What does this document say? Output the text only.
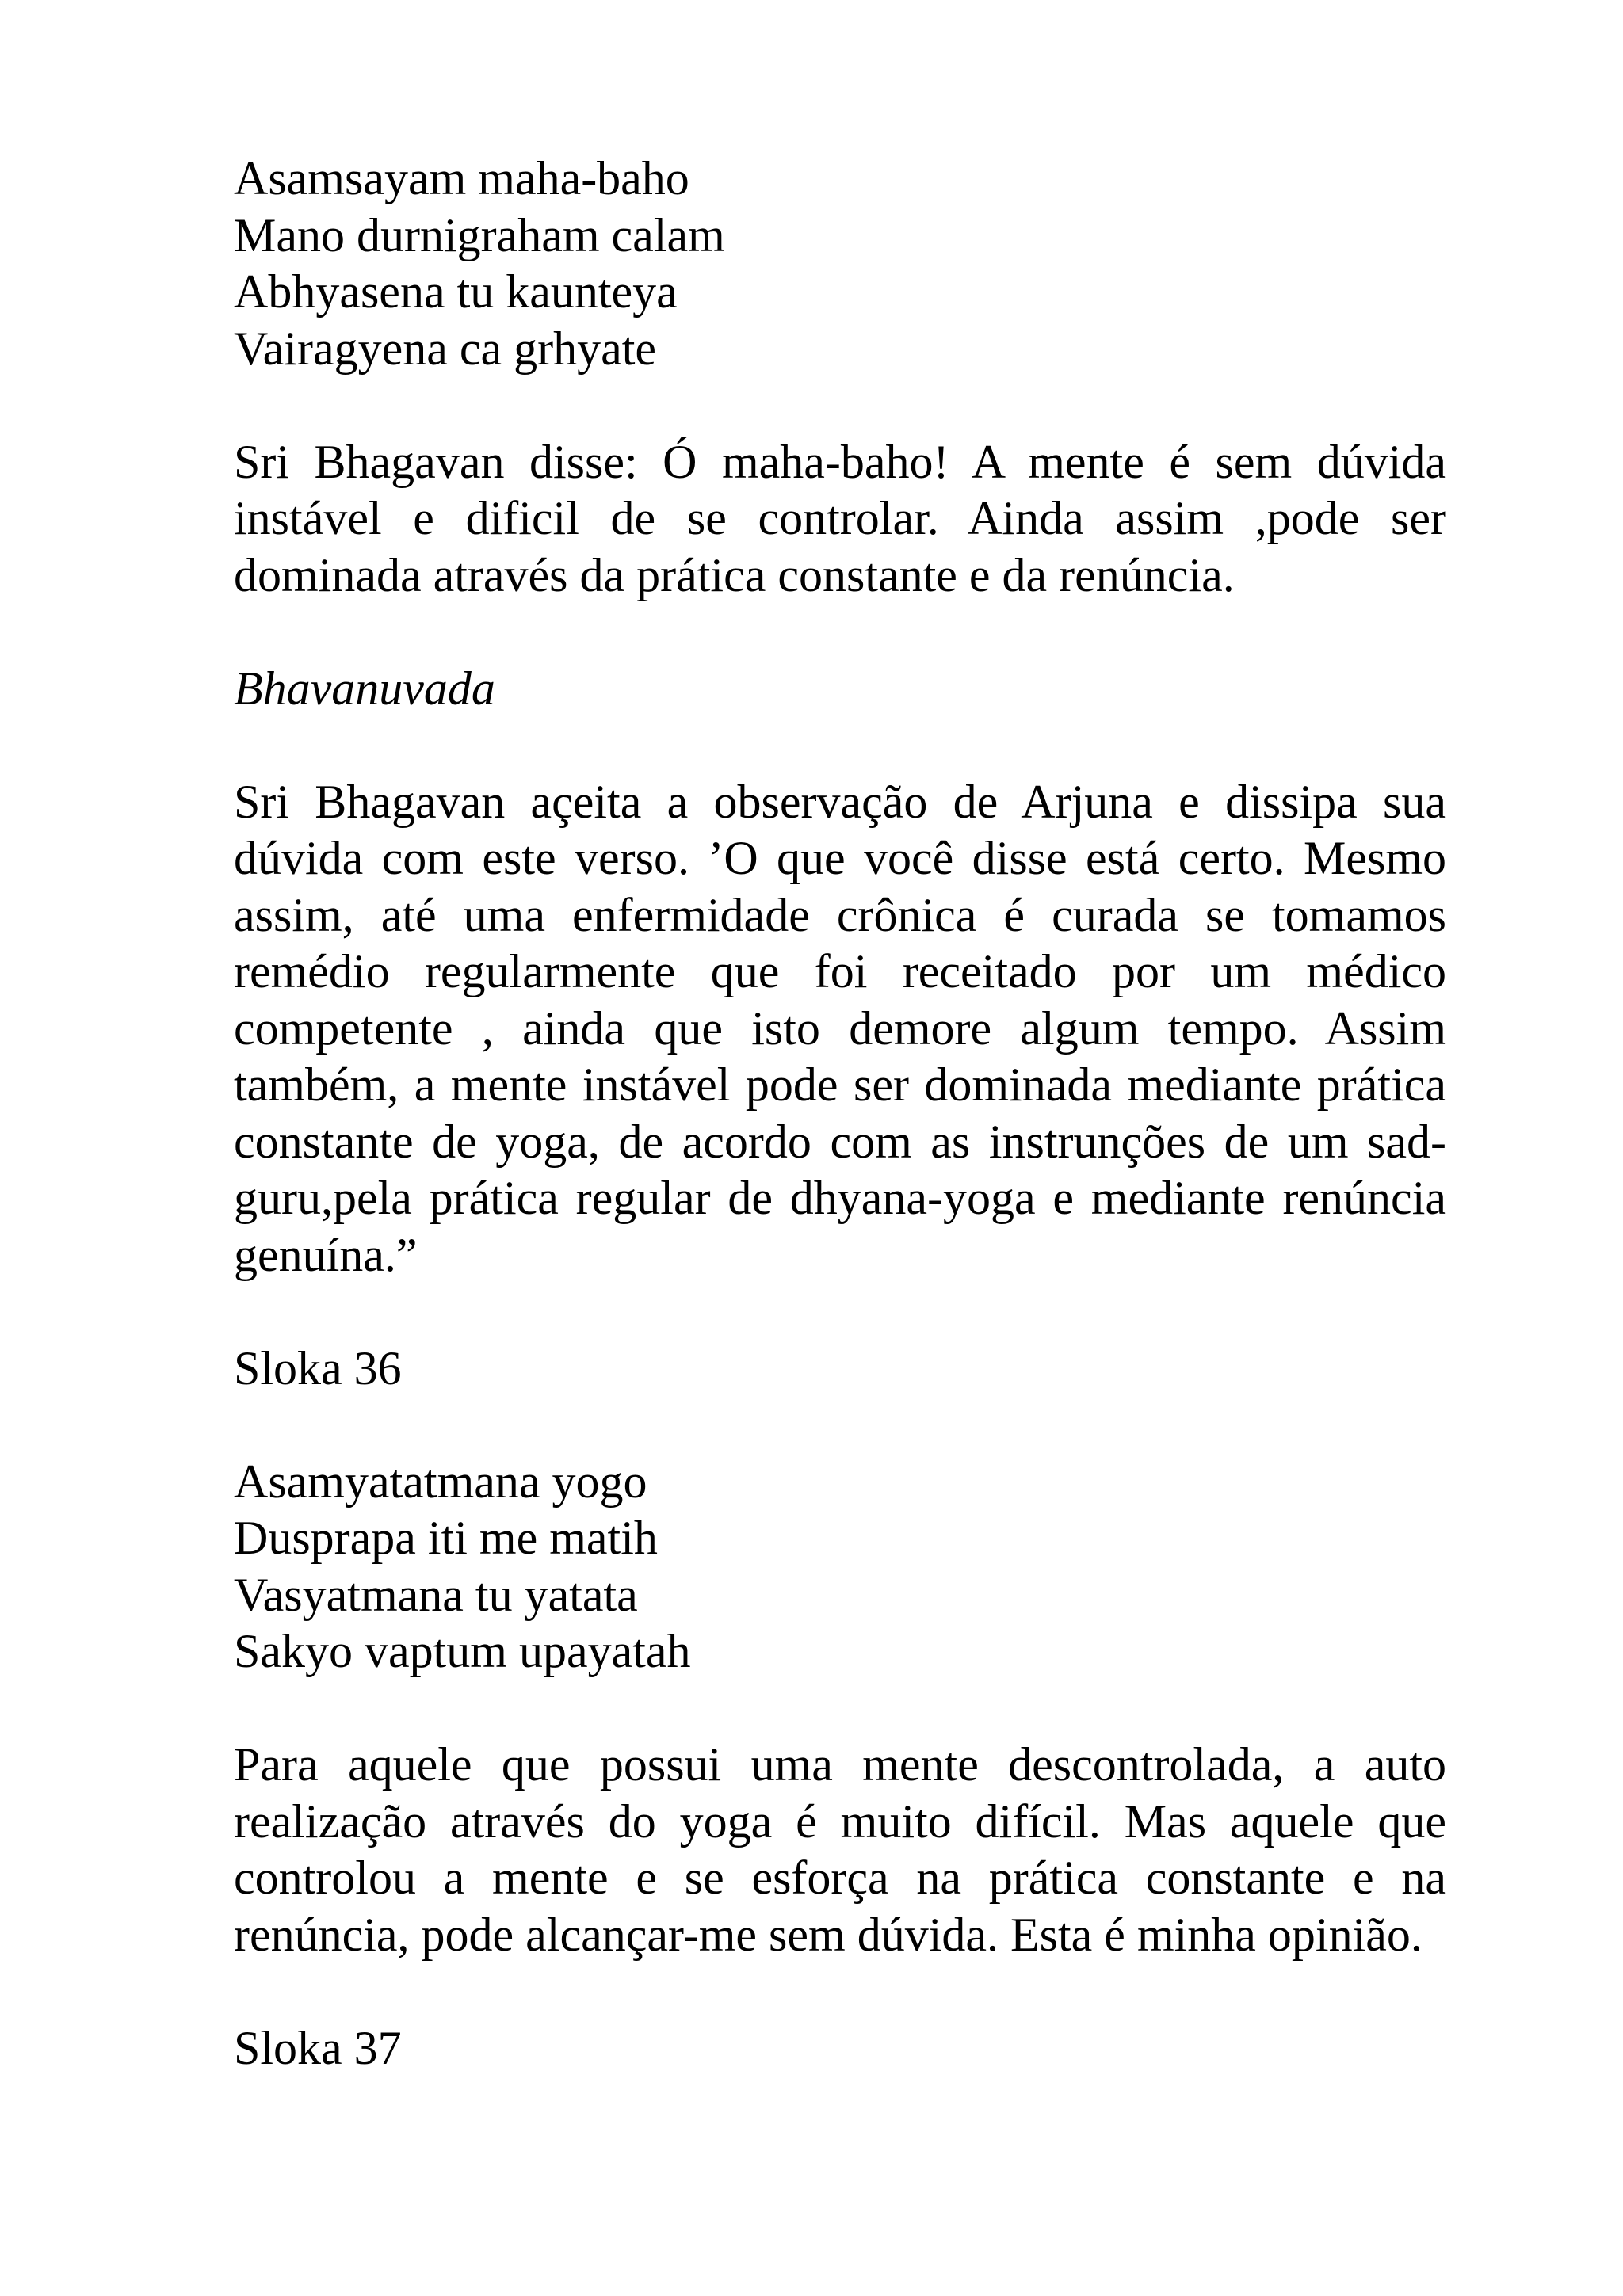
Asamsayam maha-baho
Mano durnigraham calam
Abhyasena tu kaunteya
Vairagyena ca grhyate

Sri Bhagavan disse: Ó maha-baho! A mente é sem dúvida instável e dificil de se controlar. Ainda assim ,pode ser dominada através da prática constante e da renúncia.

Bhavanuvada

Sri Bhagavan açeita a observação de Arjuna e dissipa sua dúvida com este verso. ’O que você disse está certo. Mesmo assim, até uma enfermidade crônica é curada se tomamos remédio regularmente que foi receitado por um médico competente , ainda que isto demore algum tempo. Assim também, a mente instável pode ser dominada mediante prática constante de yoga, de acordo com as instrunções de um sad-guru,pela prática regular de dhyana-yoga e mediante renúncia genuína.”

Sloka 36

Asamyatatmana yogo
Dusprapa iti me matih
Vasyatmana tu yatata
Sakyo vaptum upayatah

Para aquele que possui uma mente descontrolada, a auto realização através do yoga é muito difícil. Mas aquele que controlou a mente e se esforça na prática constante e na renúncia, pode alcançar-me sem dúvida. Esta é minha opinião.

Sloka 37
